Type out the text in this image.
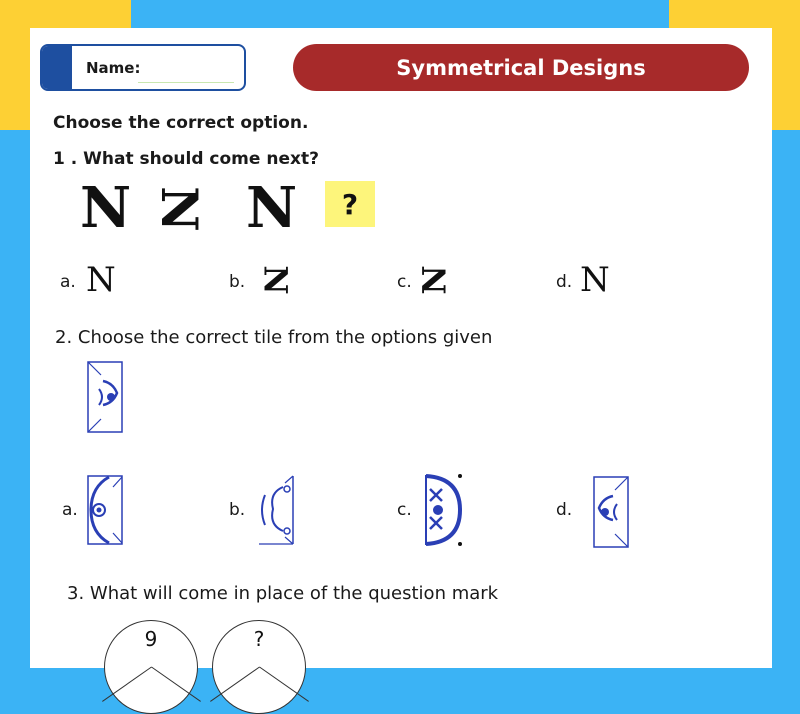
Name:	Symmetrical Designs
Choose the correct option.
1 . What should come next?
N N N	?
a. N	b. N	c. N	d. N
2. Choose the correct tile from the options given
a.	b.	c.	d.
3. What will come in place of the question mark
9	?
